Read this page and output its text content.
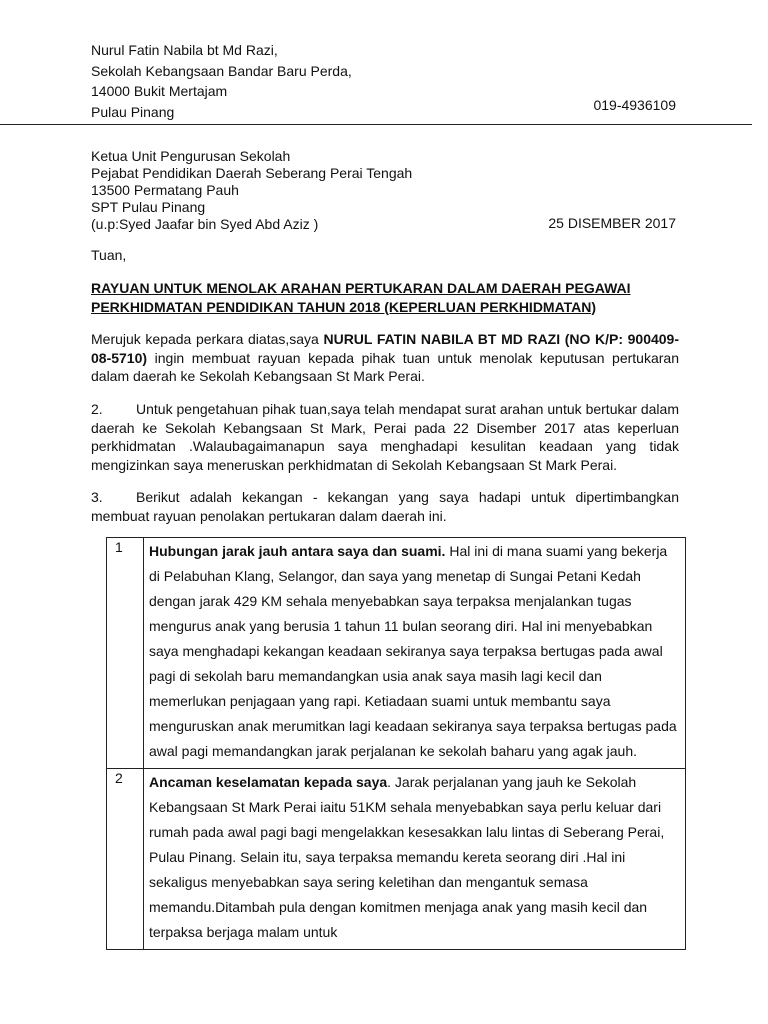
Nurul Fatin Nabila bt Md Razi,
Sekolah Kebangsaan Bandar Baru Perda,
14000 Bukit Mertajam
Pulau Pinang	019-4936109
Ketua Unit Pengurusan Sekolah
Pejabat Pendidikan Daerah Seberang Perai Tengah
13500 Permatang Pauh
SPT Pulau Pinang
(u.p:Syed Jaafar bin Syed Abd Aziz )	25 DISEMBER 2017
Tuan,
RAYUAN UNTUK MENOLAK ARAHAN PERTUKARAN DALAM DAERAH PEGAWAI PERKHIDMATAN PENDIDIKAN TAHUN 2018 (KEPERLUAN PERKHIDMATAN)
Merujuk kepada perkara diatas,saya NURUL FATIN NABILA BT MD RAZI (NO K/P: 900409-08-5710) ingin membuat rayuan kepada pihak tuan untuk menolak keputusan pertukaran dalam daerah ke Sekolah Kebangsaan St Mark Perai.
2. Untuk pengetahuan pihak tuan,saya telah mendapat surat arahan untuk bertukar dalam daerah ke Sekolah Kebangsaan St Mark, Perai pada 22 Disember 2017 atas keperluan perkhidmatan .Walaubagaimanapun saya menghadapi kesulitan keadaan yang tidak mengizinkan saya meneruskan perkhidmatan di Sekolah Kebangsaan St Mark Perai.
3. Berikut adalah kekangan - kekangan yang saya hadapi untuk dipertimbangkan membuat rayuan penolakan pertukaran dalam daerah ini.
1	Hubungan jarak jauh antara saya dan suami. Hal ini di mana suami yang bekerja di Pelabuhan Klang, Selangor, dan saya yang menetap di Sungai Petani Kedah dengan jarak 429 KM sehala menyebabkan saya terpaksa menjalankan tugas mengurus anak yang berusia 1 tahun 11 bulan seorang diri. Hal ini menyebabkan saya menghadapi kekangan keadaan sekiranya saya terpaksa bertugas pada awal pagi di sekolah baru memandangkan usia anak saya masih lagi kecil dan memerlukan penjagaan yang rapi. Ketiadaan suami untuk membantu saya menguruskan anak merumitkan lagi keadaan sekiranya saya terpaksa bertugas pada awal pagi memandangkan jarak perjalanan ke sekolah baharu yang agak jauh.
2	Ancaman keselamatan kepada saya. Jarak perjalanan yang jauh ke Sekolah Kebangsaan St Mark Perai iaitu 51KM sehala menyebabkan saya perlu keluar dari rumah pada awal pagi bagi mengelakkan kesesakkan lalu lintas di Seberang Perai, Pulau Pinang. Selain itu, saya terpaksa memandu kereta seorang diri .Hal ini sekaligus menyebabkan saya sering keletihan dan mengantuk semasa memandu.Ditambah pula dengan komitmen menjaga anak yang masih kecil dan terpaksa berjaga malam untuk
